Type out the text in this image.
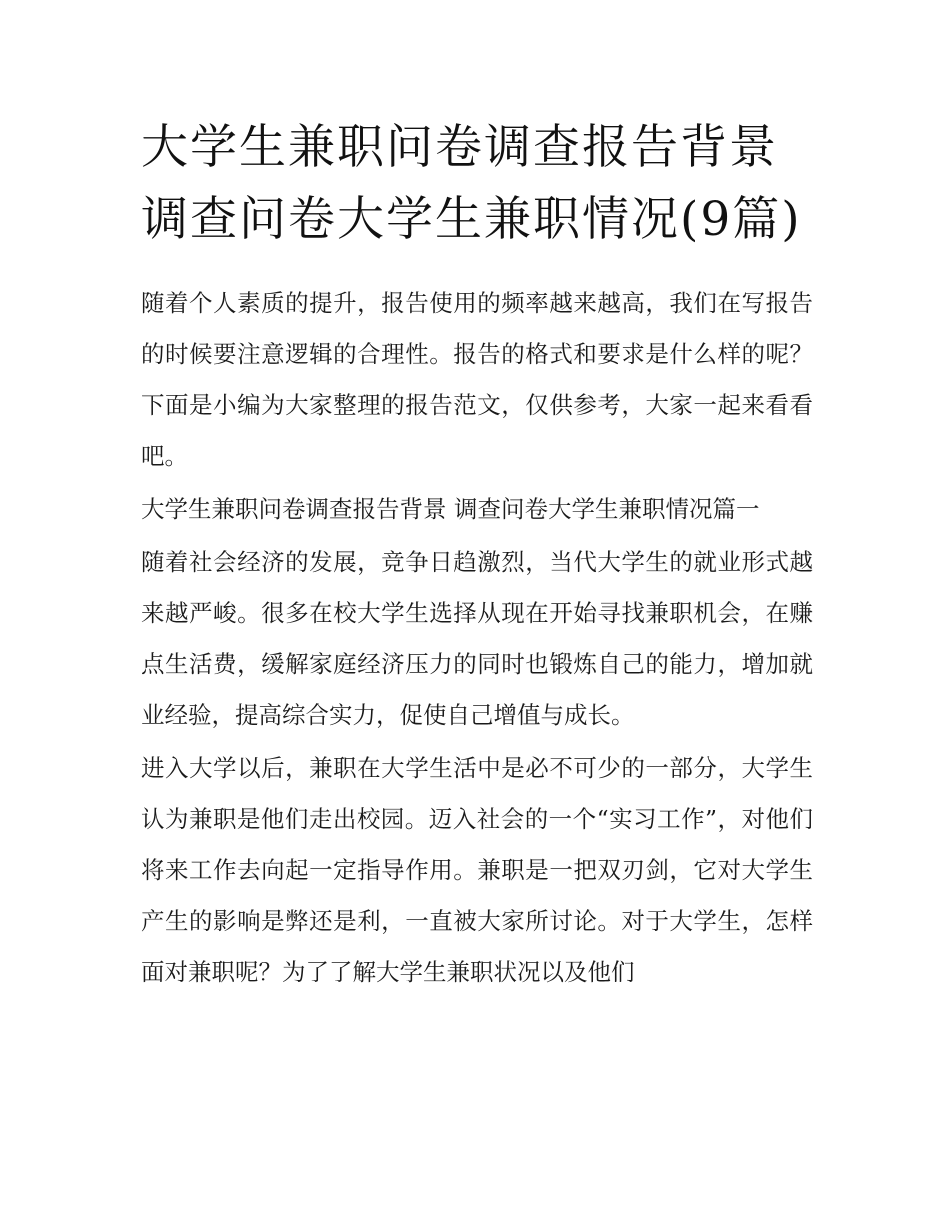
大学生兼职问卷调查报告背景 调查问卷大学生兼职情况(9篇)

随着个人素质的提升，报告使用的频率越来越高，我们在写报告的时候要注意逻辑的合理性。报告的格式和要求是什么样的呢？下面是小编为大家整理的报告范文，仅供参考，大家一起来看看吧。

大学生兼职问卷调查报告背景 调查问卷大学生兼职情况篇一

随着社会经济的发展，竞争日趋激烈，当代大学生的就业形式越来越严峻。很多在校大学生选择从现在开始寻找兼职机会，在赚点生活费，缓解家庭经济压力的同时也锻炼自己的能力，增加就业经验，提高综合实力，促使自己增值与成长。

进入大学以后，兼职在大学生活中是必不可少的一部分，大学生认为兼职是他们走出校园。迈入社会的一个“实习工作”，对他们将来工作去向起一定指导作用。兼职是一把双刃剑，它对大学生产生的影响是弊还是利，一直被大家所讨论。对于大学生，怎样面对兼职呢？为了了解大学生兼职状况以及他们
